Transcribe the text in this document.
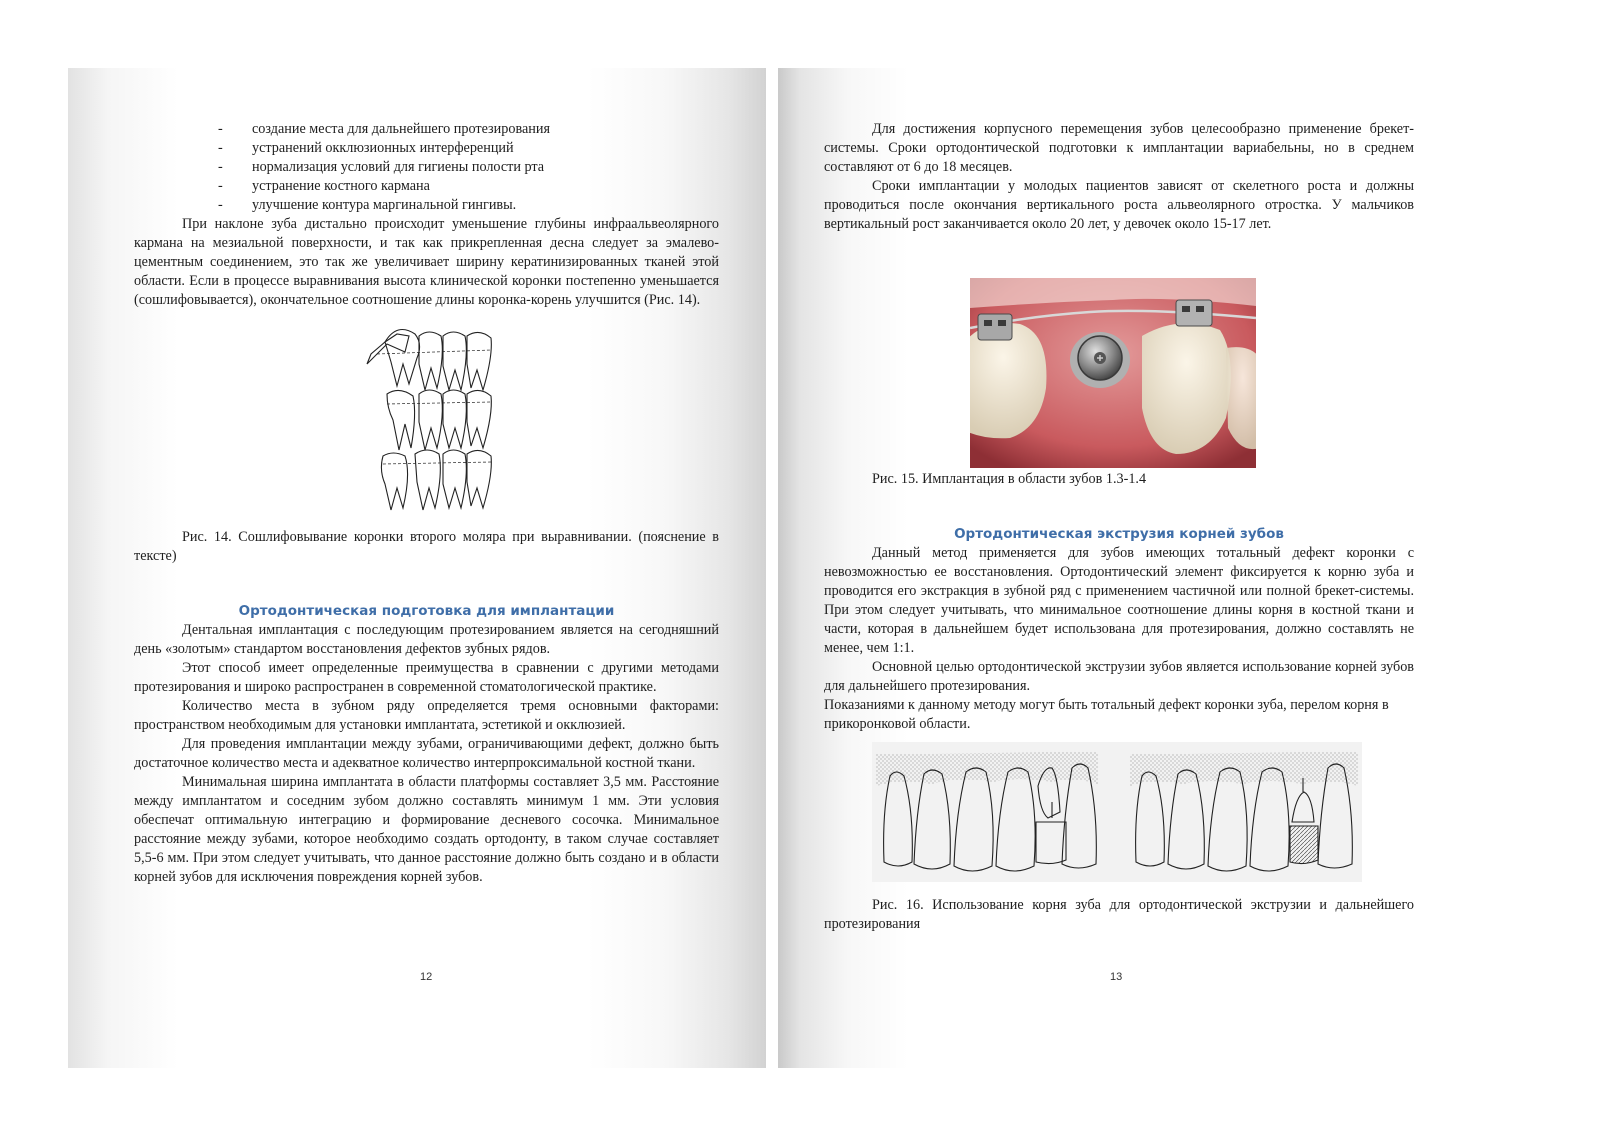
- создание места для дальнейшего протезирования
- устранений окклюзионных интерференций
- нормализация условий для гигиены полости рта
- устранение костного кармана
- улучшение контура маргинальной гингивы.

При наклоне зуба дистально происходит уменьшение глубины инфраальвеолярного кармана на мезиальной поверхности, и так как прикрепленная десна следует за эмалево-цементным соединением, это так же увеличивает ширину кератинизированных тканей этой области. Если в процессе выравнивания высота клинической коронки постепенно уменьшается (сошлифовывается), окончательное соотношение длины коронка-корень улучшится (Рис. 14).

Рис. 14. Сошлифовывание коронки второго моляра при выравнивании. (пояснение в тексте)

Ортодонтическая подготовка для имплантации

Дентальная имплантация с последующим протезированием является на сегодняшний день «золотым» стандартом восстановления дефектов зубных рядов.

Этот способ имеет определенные преимущества в сравнении с другими методами протезирования и широко распространен в современной стоматологической практике.

Количество места в зубном ряду определяется тремя основными факторами: пространством необходимым для установки имплантата, эстетикой и окклюзией.

Для проведения имплантации между зубами, ограничивающими дефект, должно быть достаточное количество места и адекватное количество интерпроксимальной костной ткани.

Минимальная ширина имплантата в области платформы составляет 3,5 мм. Расстояние между имплантатом и соседним зубом должно составлять минимум 1 мм. Эти условия обеспечат оптимальную интеграцию и формирование десневого сосочка. Минимальное расстояние между зубами, которое необходимо создать ортодонту, в таком случае составляет 5,5-6 мм. При этом следует учитывать, что данное расстояние должно быть создано и в области корней зубов для исключения повреждения корней зубов.

12

Для достижения корпусного перемещения зубов целесообразно применение брекет-системы. Сроки ортодонтической подготовки к имплантации вариабельны, но в среднем составляют от 6 до 18 месяцев.

Сроки имплантации у молодых пациентов зависят от скелетного роста и должны проводиться после окончания вертикального роста альвеолярного отростка. У мальчиков вертикальный рост заканчивается около 20 лет, у девочек около 15-17 лет.

Рис. 15. Имплантация в области зубов 1.3-1.4

Ортодонтическая экструзия корней зубов

Данный метод применяется для зубов имеющих тотальный дефект коронки с невозможностью ее восстановления. Ортодонтический элемент фиксируется к корню зуба и проводится его экстракция в зубной ряд с применением частичной или полной брекет-системы. При этом следует учитывать, что минимальное соотношение длины корня в костной ткани и части, которая в дальнейшем будет использована для протезирования, должно составлять не менее, чем 1:1.

Основной целью ортодонтической экструзии зубов является использование корней зубов для дальнейшего протезирования.

Показаниями к данному методу могут быть тотальный дефект коронки зуба, перелом корня в прикоронковой области.

Рис. 16. Использование корня зуба для ортодонтической экструзии и дальнейшего протезирования

13
